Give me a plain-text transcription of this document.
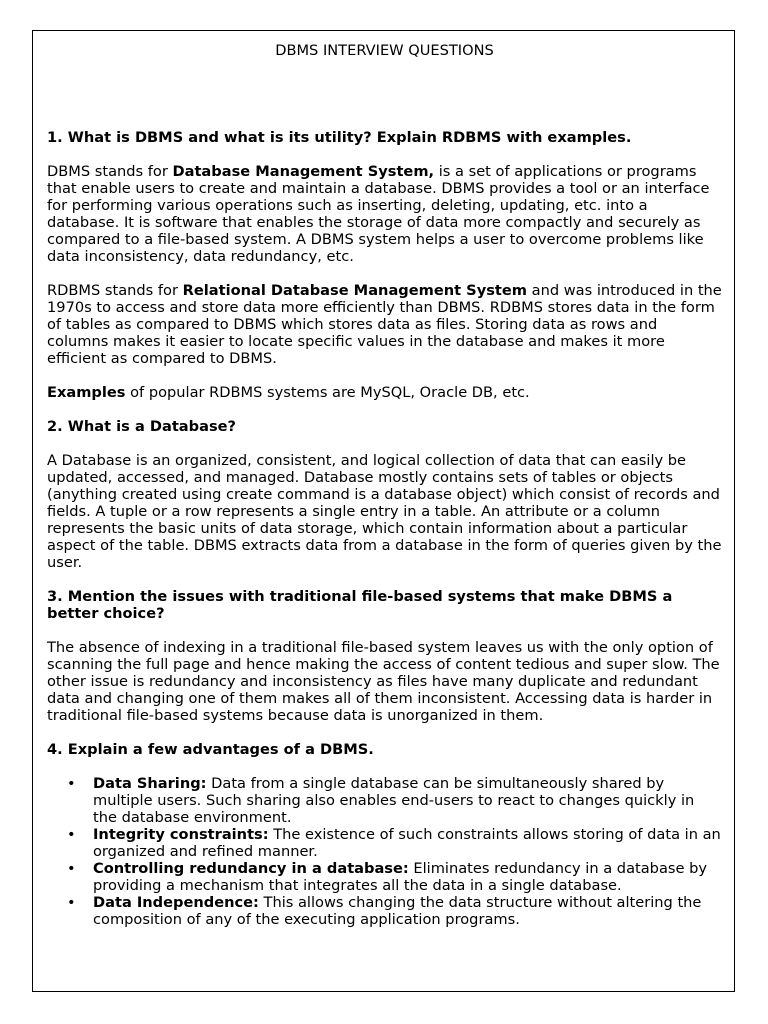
DBMS INTERVIEW QUESTIONS
1. What is DBMS and what is its utility? Explain RDBMS with examples.

DBMS stands for Database Management System, is a set of applications or programs that enable users to create and maintain a database. DBMS provides a tool or an interface for performing various operations such as inserting, deleting, updating, etc. into a database. It is software that enables the storage of data more compactly and securely as compared to a file-based system. A DBMS system helps a user to overcome problems like data inconsistency, data redundancy, etc.

RDBMS stands for Relational Database Management System and was introduced in the 1970s to access and store data more efficiently than DBMS. RDBMS stores data in the form of tables as compared to DBMS which stores data as files. Storing data as rows and columns makes it easier to locate specific values in the database and makes it more efficient as compared to DBMS.

Examples of popular RDBMS systems are MySQL, Oracle DB, etc.

2. What is a Database?

A Database is an organized, consistent, and logical collection of data that can easily be updated, accessed, and managed. Database mostly contains sets of tables or objects (anything created using create command is a database object) which consist of records and fields. A tuple or a row represents a single entry in a table. An attribute or a column represents the basic units of data storage, which contain information about a particular aspect of the table. DBMS extracts data from a database in the form of queries given by the user.

3. Mention the issues with traditional file-based systems that make DBMS a better choice?

The absence of indexing in a traditional file-based system leaves us with the only option of scanning the full page and hence making the access of content tedious and super slow. The other issue is redundancy and inconsistency as files have many duplicate and redundant data and changing one of them makes all of them inconsistent. Accessing data is harder in traditional file-based systems because data is unorganized in them.

4. Explain a few advantages of a DBMS.
• Data Sharing: Data from a single database can be simultaneously shared by multiple users. Such sharing also enables end-users to react to changes quickly in the database environment.
• Integrity constraints: The existence of such constraints allows storing of data in an organized and refined manner.
• Controlling redundancy in a database: Eliminates redundancy in a database by providing a mechanism that integrates all the data in a single database.
• Data Independence: This allows changing the data structure without altering the composition of any of the executing application programs.
